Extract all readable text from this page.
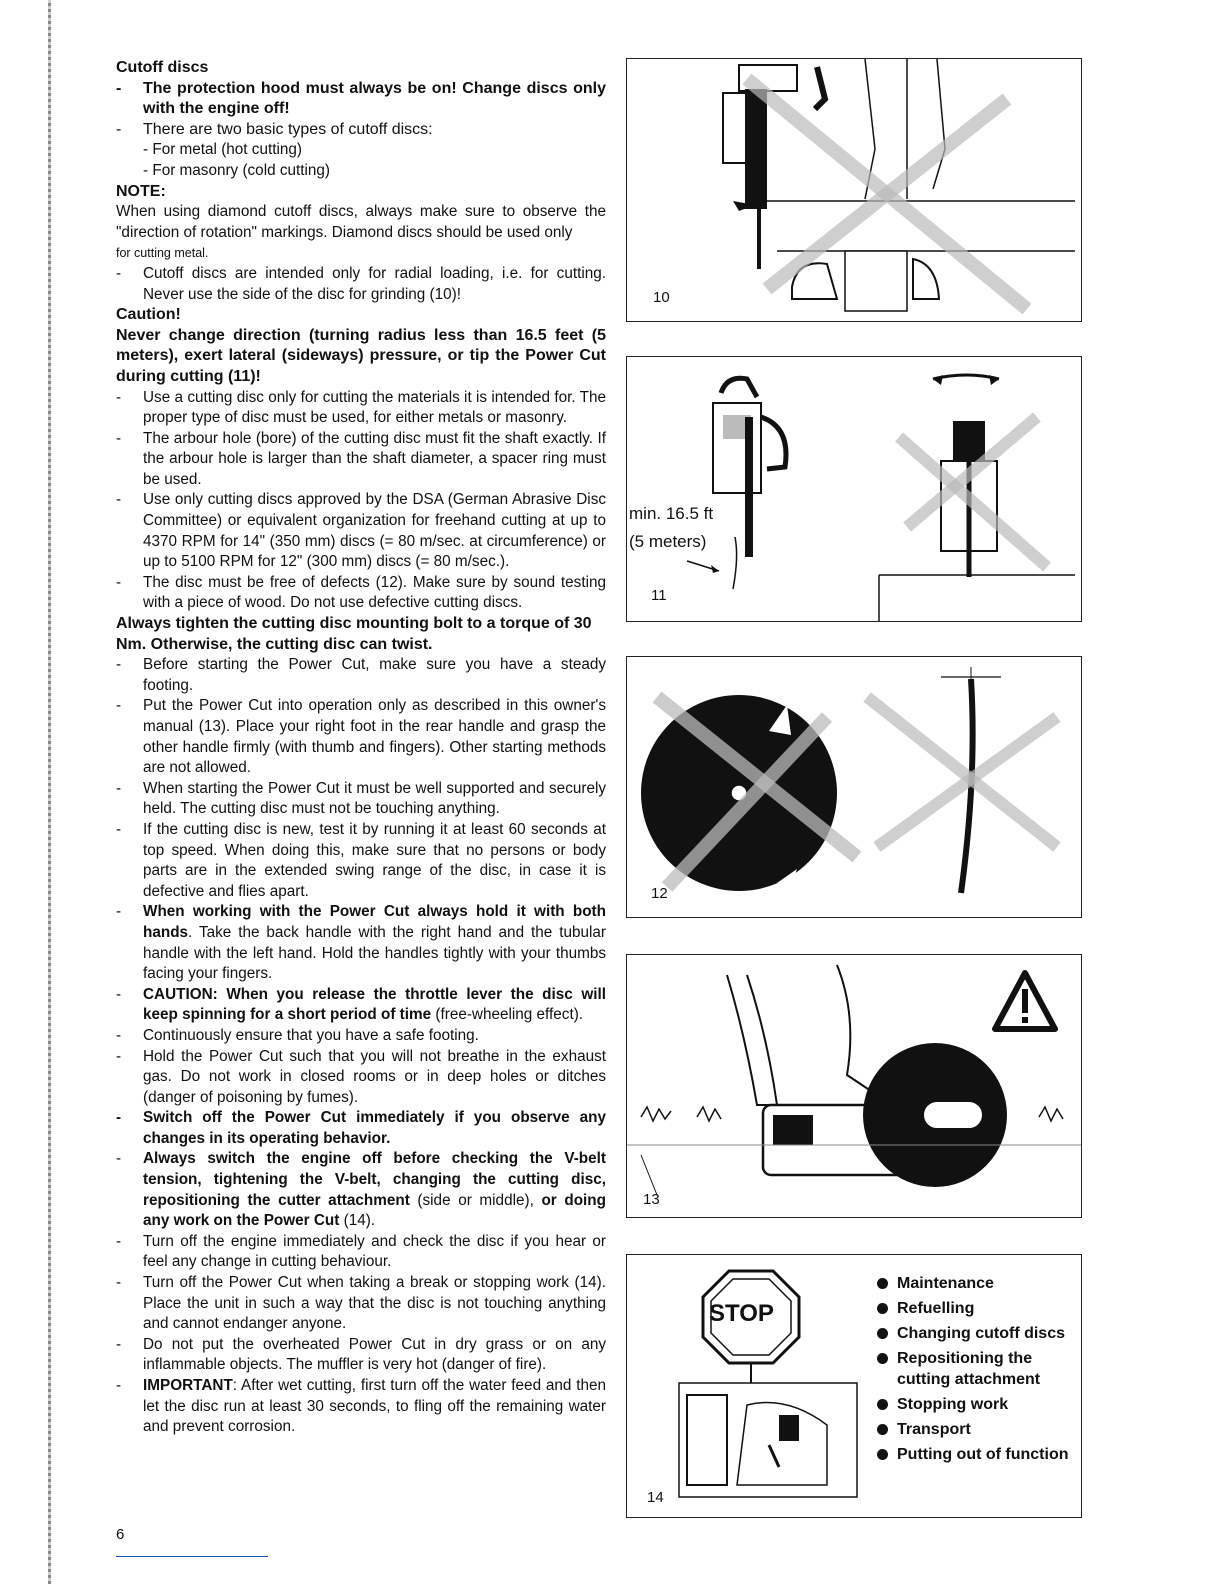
Cutoff discs

- The protection hood must always be on! Change discs only with the engine off!
- There are two basic types of cutoff discs:

- For metal (hot cutting)

- For masonry (cold cutting)

NOTE:

When using diamond cutoff discs, always make sure to observe the "direction of rotation" markings. Diamond discs should be used only

for cutting metal.

- Cutoff discs are intended only for radial loading, i.e. for cutting. Never use the side of the disc for grinding (10)!

Caution!

Never change direction (turning radius less than 16.5 feet (5 meters), exert lateral (sideways) pressure, or tip the Power Cut during cutting (11)!

- Use a cutting disc only for cutting the materials it is intended for. The proper type of disc must be used, for either metals or masonry.
- The arbour hole (bore) of the cutting disc must fit the shaft exactly. If the arbour hole is larger than the shaft diameter, a spacer ring must be used.
- Use only cutting discs approved by the DSA (German Abrasive Disc Committee) or equivalent organization for freehand cutting at up to 4370 RPM for 14" (350 mm) discs (= 80 m/sec. at circumference) or up to 5100 RPM for 12" (300 mm) discs (= 80 m/sec.).
- The disc must be free of defects (12). Make sure by sound testing with a piece of wood. Do not use defective cutting discs.

Always tighten the cutting disc mounting bolt to a torque of 30 Nm. Otherwise, the cutting disc can twist.

- Before starting the Power Cut, make sure you have a steady footing.
- Put the Power Cut into operation only as described in this owner's manual (13). Place your right foot in the rear handle and grasp the other handle firmly (with thumb and fingers). Other starting methods are not allowed.
- When starting the Power Cut it must be well supported and securely held. The cutting disc must not be touching anything.
- If the cutting disc is new, test it by running it at least 60 seconds at top speed. When doing this, make sure that no persons or body parts are in the extended swing range of the disc, in case it is defective and flies apart.
- When working with the Power Cut always hold it with both hands. Take the back handle with the right hand and the tubular handle with the left hand. Hold the handles tightly with your thumbs facing your fingers.
- CAUTION: When you release the throttle lever the disc will keep spinning for a short period of time (free-wheeling effect).
- Continuously ensure that you have a safe footing.
- Hold the Power Cut such that you will not breathe in the exhaust gas. Do not work in closed rooms or in deep holes or ditches (danger of poisoning by fumes).
- Switch off the Power Cut immediately if you observe any changes in its operating behavior.
- Always switch the engine off before checking the V-belt tension, tightening the V-belt, changing the cutting disc, repositioning the cutter attachment (side or middle), or doing any work on the Power Cut (14).
- Turn off the engine immediately and check the disc if you hear or feel any change in cutting behaviour.
- Turn off the Power Cut when taking a break or stopping work (14). Place the unit in such a way that the disc is not touching anything and cannot endanger anyone.
- Do not put the overheated Power Cut in dry grass or on any inflammable objects. The muffler is very hot (danger of fire).
- IMPORTANT: After wet cutting, first turn off the water feed and then let the disc run at least 30 seconds, to fling off the remaining water and prevent corrosion.
6
10
min. 16.5 ft
(5 meters)
11
12
13
STOP
Maintenance
Refuelling
Changing cutoff discs
Repositioning the cutting attachment
Stopping work
Transport
Putting out of function
14
